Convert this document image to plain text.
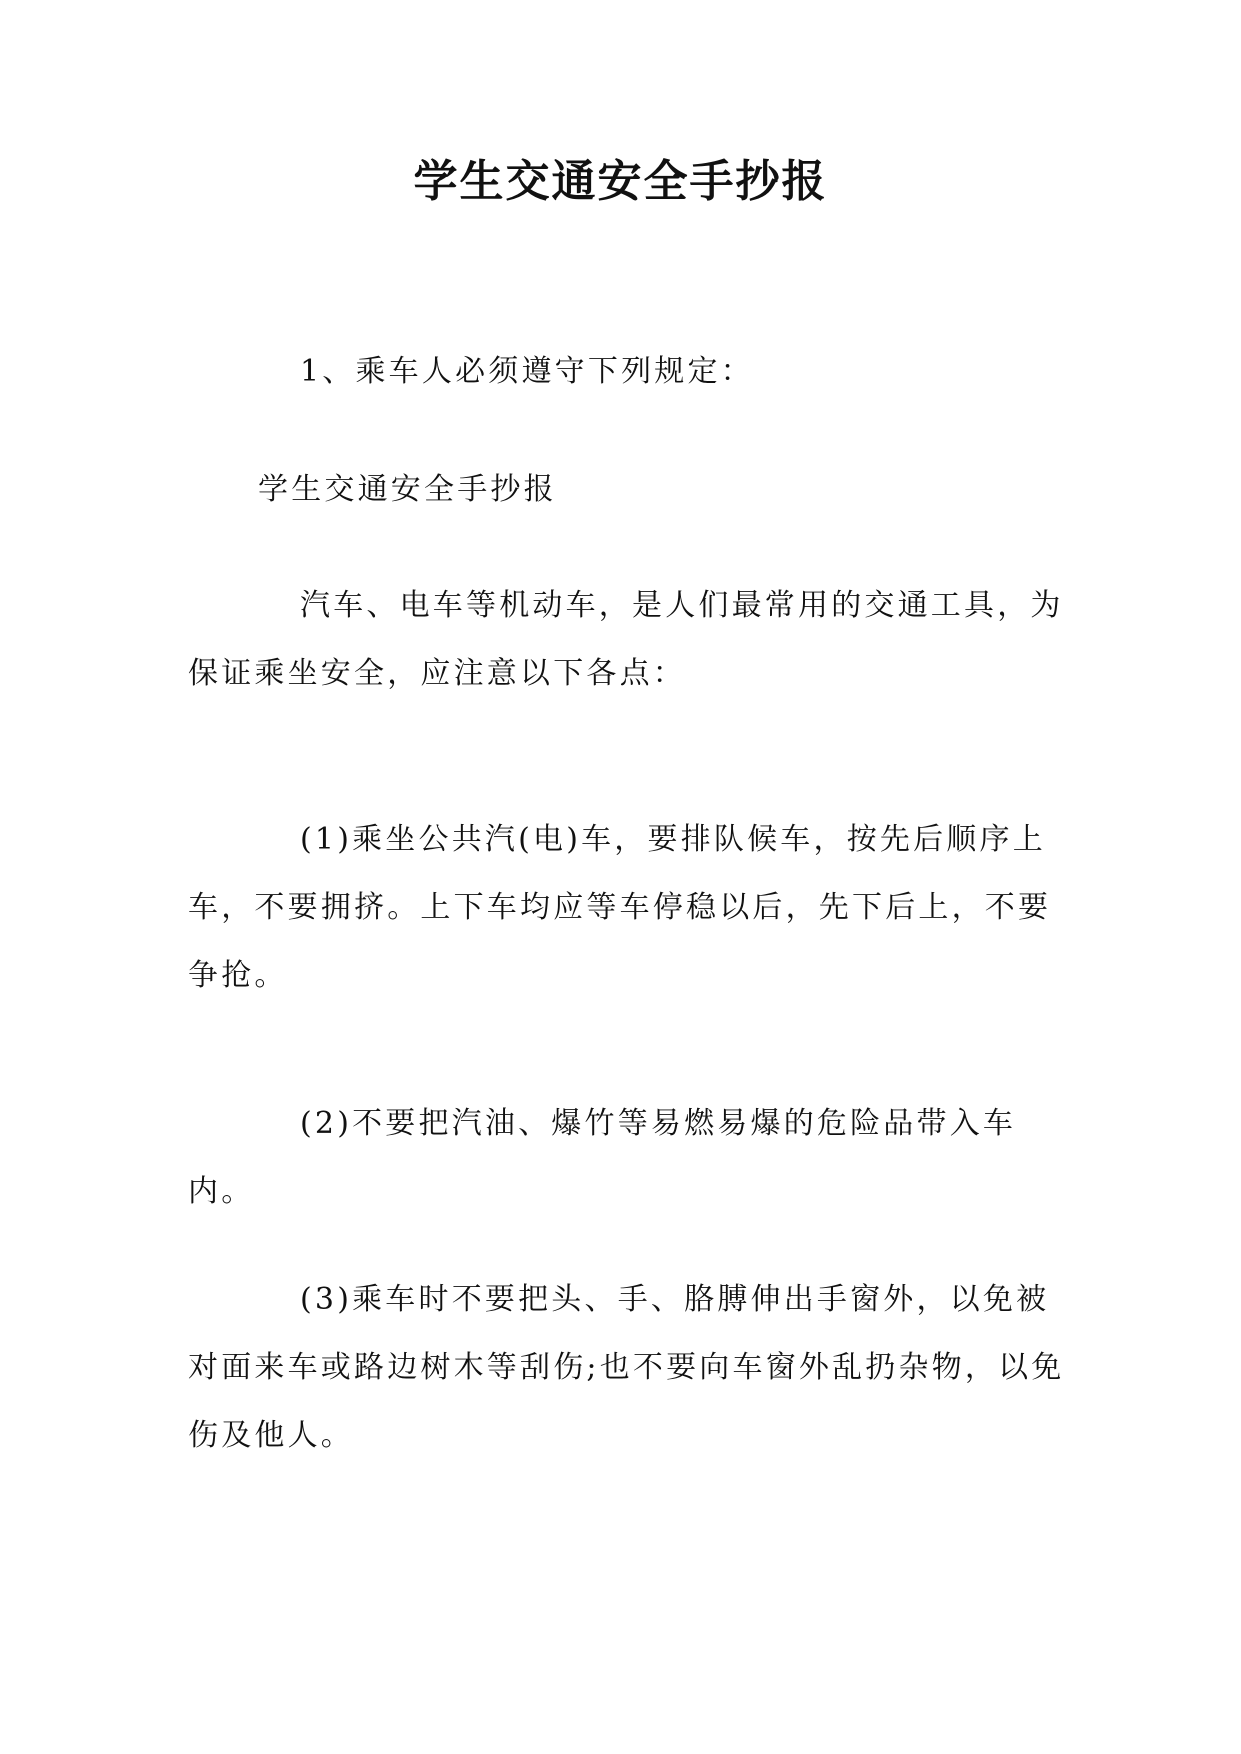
学生交通安全手抄报

1、乘车人必须遵守下列规定：

学生交通安全手抄报

汽车、电车等机动车，是人们最常用的交通工具，为保证乘坐安全，应注意以下各点：

(1)乘坐公共汽(电)车，要排队候车，按先后顺序上车，不要拥挤。上下车均应等车停稳以后，先下后上，不要争抢。

(2)不要把汽油、爆竹等易燃易爆的危险品带入车内。

(3)乘车时不要把头、手、胳膊伸出手窗外，以免被对面来车或路边树木等刮伤;也不要向车窗外乱扔杂物，以免伤及他人。
